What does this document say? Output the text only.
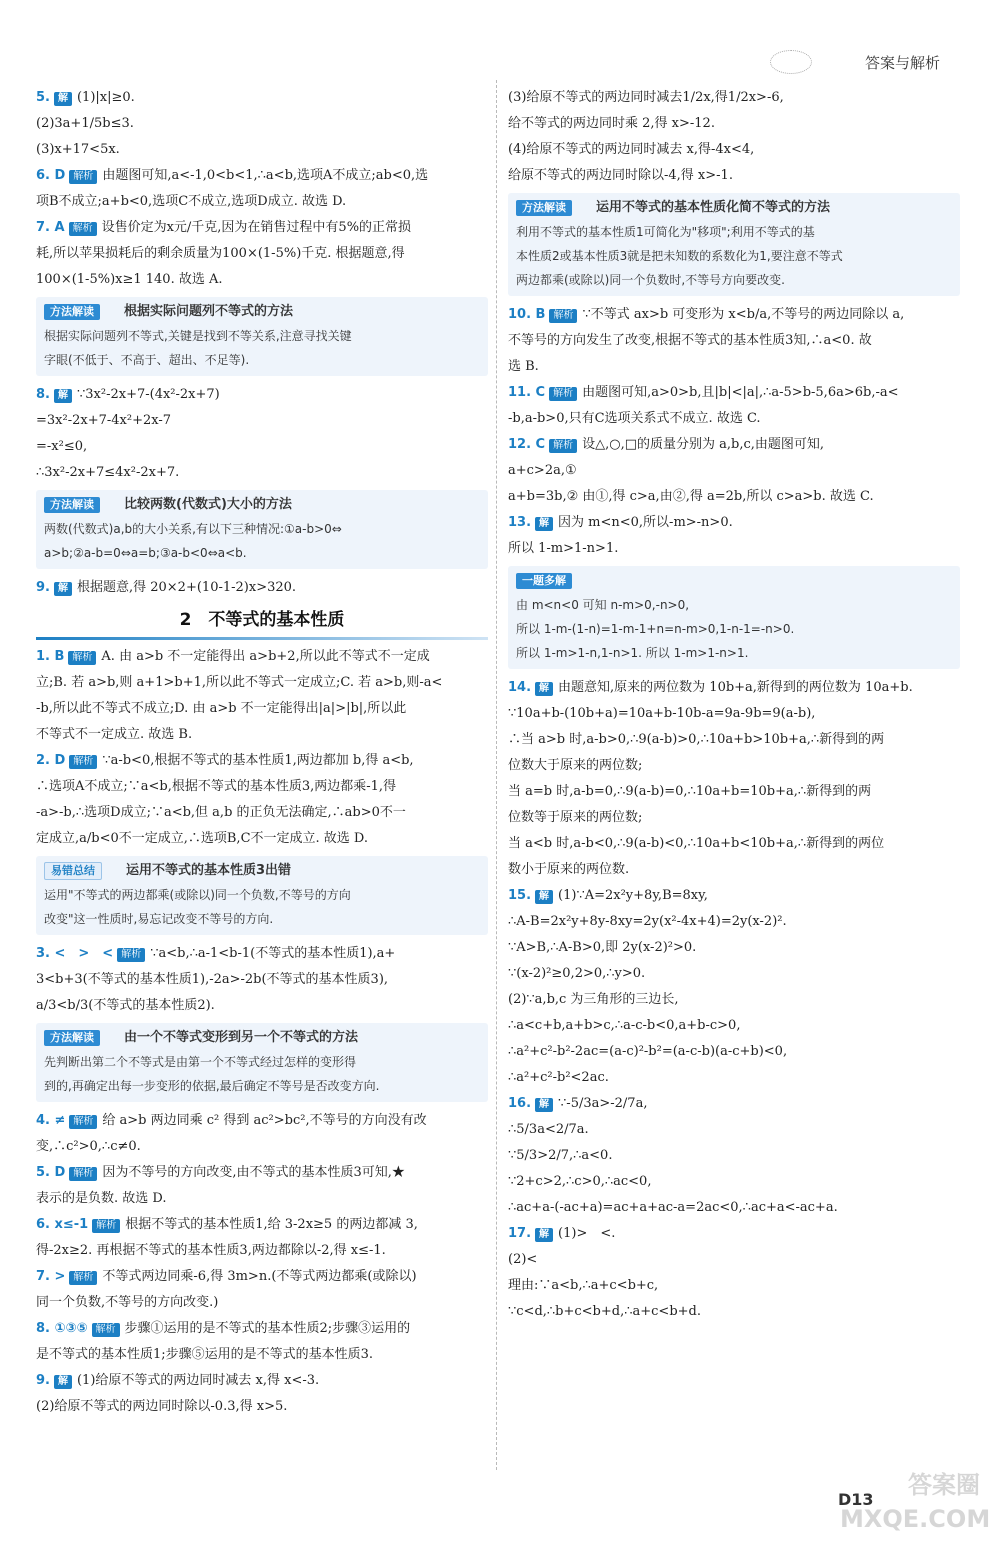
答案与解析
5. 解 (1)|x|≥0.
(2)3a+1/5b≤3.
(3)x+17<5x.
6. D 解析 由题图可知,a<-1,0<b<1,∴a<b,选项A不成立;ab<0,选
项B不成立;a+b<0,选项C不成立,选项D成立. 故选 D.
7. A 解析 设售价定为x元/千克,因为在销售过程中有5%的正常损
耗,所以苹果损耗后的剩余质量为100×(1-5%)千克. 根据题意,得
100×(1-5%)x≥1 140. 故选 A.
方法解读 根据实际问题列不等式的方法
根据实际问题列不等式,关键是找到不等关系,注意寻找关键
字眼(不低于、不高于、超出、不足等).
8. 解 ∵3x²-2x+7-(4x²-2x+7)
=3x²-2x+7-4x²+2x-7
=-x²≤0,
∴3x²-2x+7≤4x²-2x+7.
方法解读 比较两数(代数式)大小的方法
两数(代数式)a,b的大小关系,有以下三种情况:①a-b>0⇔
a>b;②a-b=0⇔a=b;③a-b<0⇔a<b.
9. 解 根据题意,得 20×2+(10-1-2)x>320.
2　不等式的基本性质
1. B 解析 A. 由 a>b 不一定能得出 a>b+2,所以此不等式不一定成
立;B. 若 a>b,则 a+1>b+1,所以此不等式一定成立;C. 若 a>b,则-a<
-b,所以此不等式不成立;D. 由 a>b 不一定能得出|a|>|b|,所以此
不等式不一定成立. 故选 B.
2. D 解析 ∵a-b<0,根据不等式的基本性质1,两边都加 b,得 a<b,
∴选项A不成立;∵a<b,根据不等式的基本性质3,两边都乘-1,得
-a>-b,∴选项D成立;∵a<b,但 a,b 的正负无法确定,∴ab>0不一
定成立,a/b<0不一定成立,∴选项B,C不一定成立. 故选 D.
易错总结 运用不等式的基本性质3出错
运用"不等式的两边都乘(或除以)同一个负数,不等号的方向
改变"这一性质时,易忘记改变不等号的方向.
3. <　>　< 解析 ∵a<b,∴a-1<b-1(不等式的基本性质1),a+
3<b+3(不等式的基本性质1),-2a>-2b(不等式的基本性质3),
a/3<b/3(不等式的基本性质2).
方法解读 由一个不等式变形到另一个不等式的方法
先判断出第二个不等式是由第一个不等式经过怎样的变形得
到的,再确定出每一步变形的依据,最后确定不等号是否改变方向.
4. ≠ 解析 给 a>b 两边同乘 c² 得到 ac²>bc²,不等号的方向没有改
变,∴c²>0,∴c≠0.
5. D 解析 因为不等号的方向改变,由不等式的基本性质3可知,★
表示的是负数. 故选 D.
6. x≤-1 解析 根据不等式的基本性质1,给 3-2x≥5 的两边都减 3,
得-2x≥2. 再根据不等式的基本性质3,两边都除以-2,得 x≤-1.
7. > 解析 不等式两边同乘-6,得 3m>n.(不等式两边都乘(或除以)
同一个负数,不等号的方向改变.)
8. ①③⑤ 解析 步骤①运用的是不等式的基本性质2;步骤③运用的
是不等式的基本性质1;步骤⑤运用的是不等式的基本性质3.
9. 解 (1)给原不等式的两边同时减去 x,得 x<-3.
(2)给原不等式的两边同时除以-0.3,得 x>5.
(3)给原不等式的两边同时减去1/2x,得1/2x>-6,
给不等式的两边同时乘 2,得 x>-12.
(4)给原不等式的两边同时减去 x,得-4x<4,
给原不等式的两边同时除以-4,得 x>-1.
方法解读 运用不等式的基本性质化简不等式的方法
利用不等式的基本性质1可简化为"移项";利用不等式的基
本性质2或基本性质3就是把未知数的系数化为1,要注意不等式
两边都乘(或除以)同一个负数时,不等号方向要改变.
10. B 解析 ∵不等式 ax>b 可变形为 x<b/a,不等号的两边同除以 a,
不等号的方向发生了改变,根据不等式的基本性质3知,∴a<0. 故
选 B.
11. C 解析 由题图可知,a>0>b,且|b|<|a|,∴a-5>b-5,6a>6b,-a<
-b,a-b>0,只有C选项关系式不成立. 故选 C.
12. C 解析 设△,○,□的质量分别为 a,b,c,由题图可知,
a+c>2a,①
a+b=3b,② 由①,得 c>a,由②,得 a=2b,所以 c>a>b. 故选 C.
13. 解 因为 m<n<0,所以-m>-n>0.
所以 1-m>1-n>1.
一题多解
由 m<n<0 可知 n-m>0,-n>0,
所以 1-m-(1-n)=1-m-1+n=n-m>0,1-n-1=-n>0.
所以 1-m>1-n,1-n>1. 所以 1-m>1-n>1.
14. 解 由题意知,原来的两位数为 10b+a,新得到的两位数为 10a+b.
∵10a+b-(10b+a)=10a+b-10b-a=9a-9b=9(a-b),
∴当 a>b 时,a-b>0,∴9(a-b)>0,∴10a+b>10b+a,∴新得到的两
位数大于原来的两位数;
当 a=b 时,a-b=0,∴9(a-b)=0,∴10a+b=10b+a,∴新得到的两
位数等于原来的两位数;
当 a<b 时,a-b<0,∴9(a-b)<0,∴10a+b<10b+a,∴新得到的两位
数小于原来的两位数.
15. 解 (1)∵A=2x²y+8y,B=8xy,
∴A-B=2x²y+8y-8xy=2y(x²-4x+4)=2y(x-2)².
∵A>B,∴A-B>0,即 2y(x-2)²>0.
∵(x-2)²≥0,2>0,∴y>0.
(2)∵a,b,c 为三角形的三边长,
∴a<c+b,a+b>c,∴a-c-b<0,a+b-c>0,
∴a²+c²-b²-2ac=(a-c)²-b²=(a-c-b)(a-c+b)<0,
∴a²+c²-b²<2ac.
16. 解 ∵-5/3a>-2/7a,
∴5/3a<2/7a.
∵5/3>2/7,∴a<0.
∵2+c>2,∴c>0,∴ac<0,
∴ac+a-(-ac+a)=ac+a+ac-a=2ac<0,∴ac+a<-ac+a.
17. 解 (1)>　<.
(2)<
理由:∵a<b,∴a+c<b+c,
∵c<d,∴b+c<b+d,∴a+c<b+d.
答案圈 MXQE.COM
D13
